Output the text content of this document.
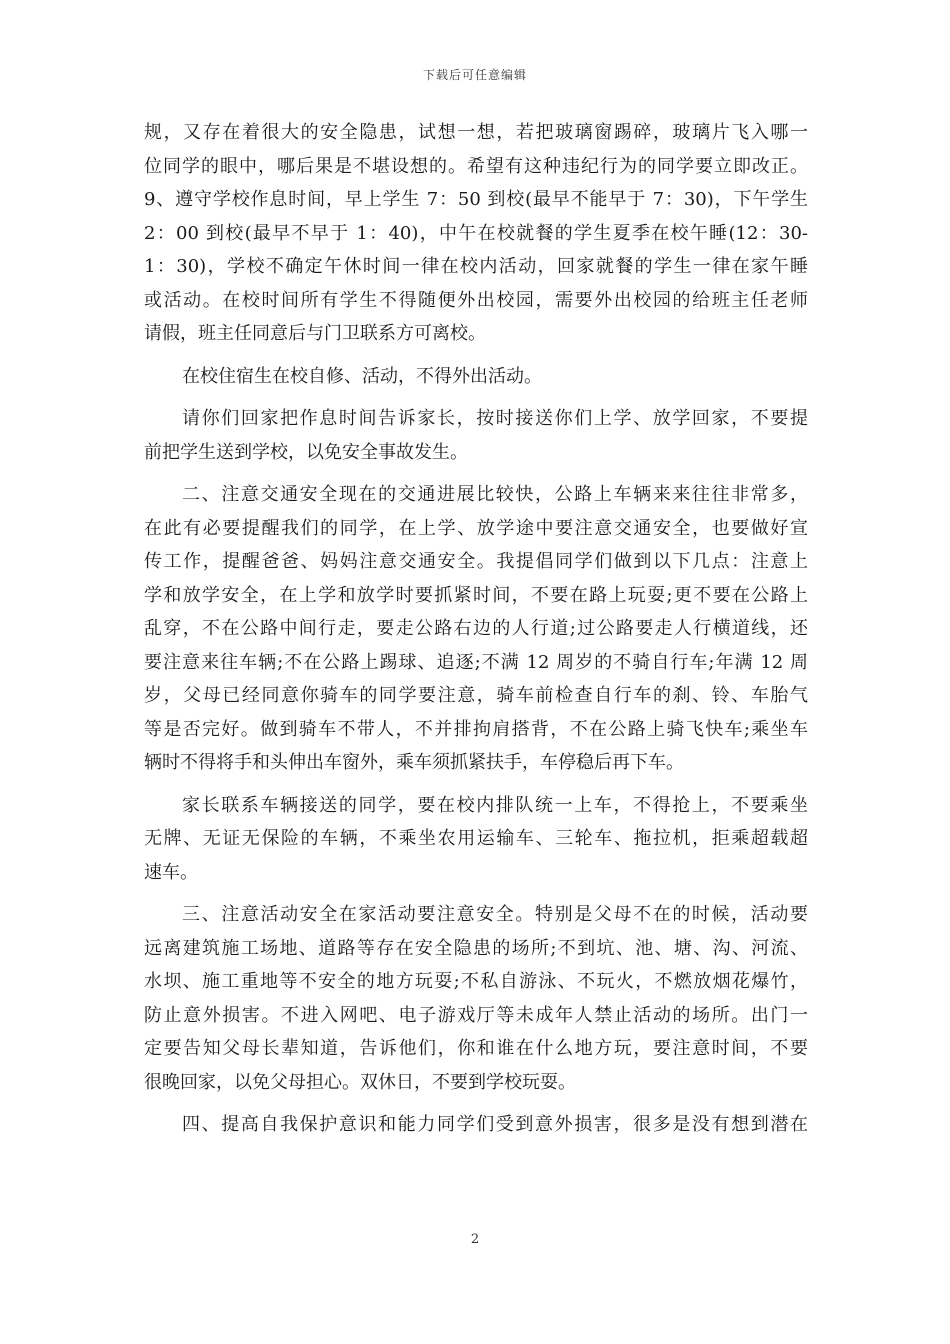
下载后可任意编辑
规，又存在着很大的安全隐患，试想一想，若把玻璃窗踢碎，玻璃片飞入哪一
位同学的眼中，哪后果是不堪设想的。希望有这种违纪行为的同学要立即改正。
9、遵守学校作息时间，早上学生 7：50 到校(最早不能早于 7：30)，下午学生
2：00 到校(最早不早于 1：40)，中午在校就餐的学生夏季在校午睡(12：30-
1：30)，学校不确定午休时间一律在校内活动，回家就餐的学生一律在家午睡
或活动。在校时间所有学生不得随便外出校园，需要外出校园的给班主任老师
请假，班主任同意后与门卫联系方可离校。
在校住宿生在校自修、活动，不得外出活动。
请你们回家把作息时间告诉家长，按时接送你们上学、放学回家，不要提
前把学生送到学校，以免安全事故发生。
二、注意交通安全现在的交通进展比较快，公路上车辆来来往往非常多，
在此有必要提醒我们的同学，在上学、放学途中要注意交通安全，也要做好宣
传工作，提醒爸爸、妈妈注意交通安全。我提倡同学们做到以下几点：注意上
学和放学安全，在上学和放学时要抓紧时间，不要在路上玩耍;更不要在公路上
乱穿，不在公路中间行走，要走公路右边的人行道;过公路要走人行横道线，还
要注意来往车辆;不在公路上踢球、追逐;不满 12 周岁的不骑自行车;年满 12 周
岁，父母已经同意你骑车的同学要注意，骑车前检查自行车的刹、铃、车胎气
等是否完好。做到骑车不带人，不并排拘肩搭背，不在公路上骑飞快车;乘坐车
辆时不得将手和头伸出车窗外，乘车须抓紧扶手，车停稳后再下车。
家长联系车辆接送的同学，要在校内排队统一上车，不得抢上，不要乘坐
无牌、无证无保险的车辆，不乘坐农用运输车、三轮车、拖拉机，拒乘超载超
速车。
三、注意活动安全在家活动要注意安全。特别是父母不在的时候，活动要
远离建筑施工场地、道路等存在安全隐患的场所;不到坑、池、塘、沟、河流、
水坝、施工重地等不安全的地方玩耍;不私自游泳、不玩火，不燃放烟花爆竹，
防止意外损害。不进入网吧、电子游戏厅等未成年人禁止活动的场所。出门一
定要告知父母长辈知道，告诉他们，你和谁在什么地方玩，要注意时间，不要
很晚回家，以免父母担心。双休日，不要到学校玩耍。
四、提高自我保护意识和能力同学们受到意外损害，很多是没有想到潜在
2
